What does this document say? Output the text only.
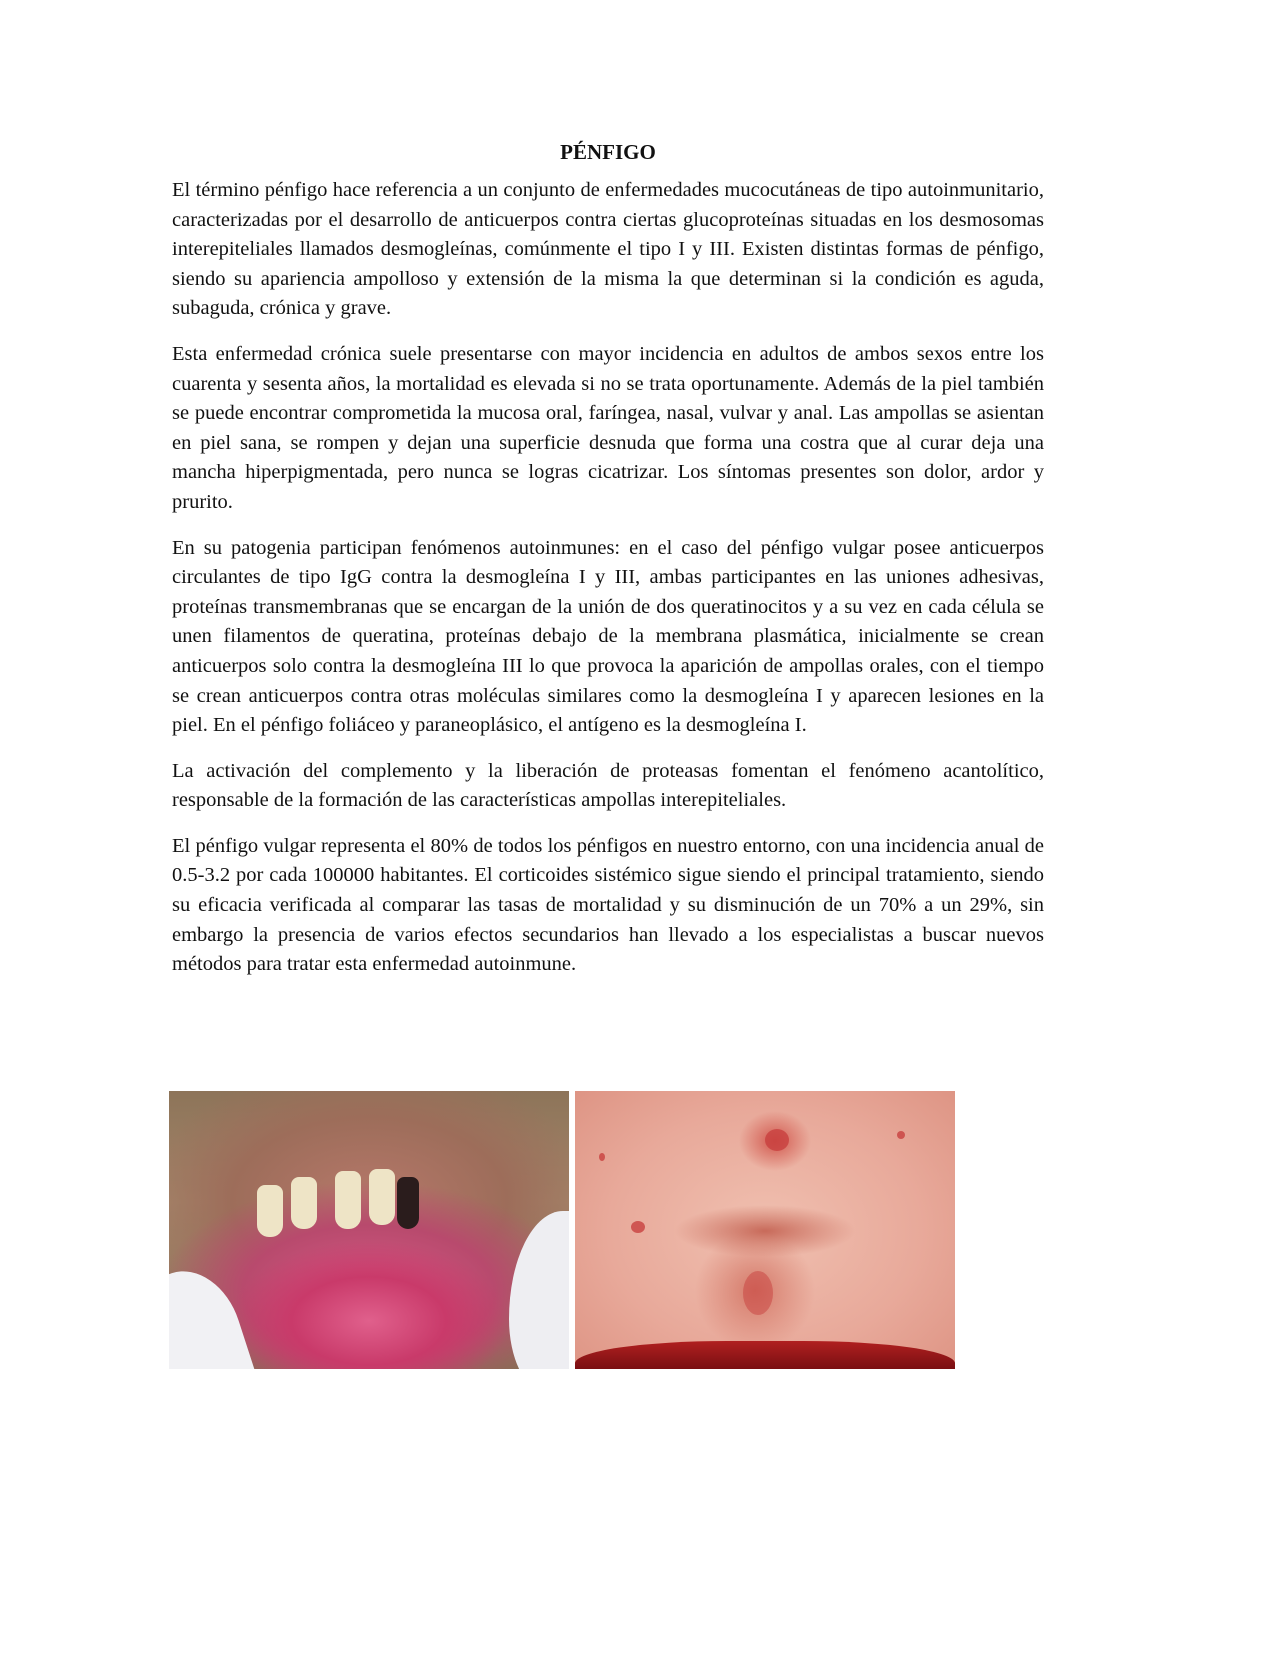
PÉNFIGO

El término pénfigo hace referencia a un conjunto de enfermedades mucocutáneas de tipo autoinmunitario, caracterizadas por el desarrollo de anticuerpos contra ciertas glucoproteínas situadas en los desmosomas interepiteliales llamados desmogleínas, comúnmente el tipo I y III. Existen distintas formas de pénfigo, siendo su apariencia ampolloso y extensión de la misma la que determinan si la condición es aguda, subaguda, crónica y grave.

Esta enfermedad crónica suele presentarse con mayor incidencia en adultos de ambos sexos entre los cuarenta y sesenta años, la mortalidad es elevada si no se trata oportunamente. Además de la piel también se puede encontrar comprometida la mucosa oral, faríngea, nasal, vulvar y anal. Las ampollas se asientan en piel sana, se rompen y dejan una superficie desnuda que forma una costra que al curar deja una mancha hiperpigmentada, pero nunca se logras cicatrizar. Los síntomas presentes son dolor, ardor y prurito.

En su patogenia participan fenómenos autoinmunes: en el caso del pénfigo vulgar posee anticuerpos circulantes de tipo IgG contra la desmogleína I y III, ambas participantes en las uniones adhesivas, proteínas transmembranas que se encargan de la unión de dos queratinocitos y a su vez en cada célula se unen filamentos de queratina, proteínas debajo de la membrana plasmática, inicialmente se crean anticuerpos solo contra la desmogleína III lo que provoca la aparición de ampollas orales, con el tiempo se crean anticuerpos contra otras moléculas similares como la desmogleína I y aparecen lesiones en la piel. En el pénfigo foliáceo y paraneoplásico, el antígeno es la desmogleína I.

La activación del complemento y la liberación de proteasas fomentan el fenómeno acantolítico, responsable de la formación de las características ampollas interepiteliales.

El pénfigo vulgar representa el 80% de todos los pénfigos en nuestro entorno, con una incidencia anual de 0.5-3.2 por cada 100000 habitantes. El corticoides sistémico sigue siendo el principal tratamiento, siendo su eficacia verificada al comparar las tasas de mortalidad y su disminución de un 70% a un 29%, sin embargo la presencia de varios efectos secundarios han llevado a los especialistas a buscar nuevos métodos para tratar esta enfermedad autoinmune.
